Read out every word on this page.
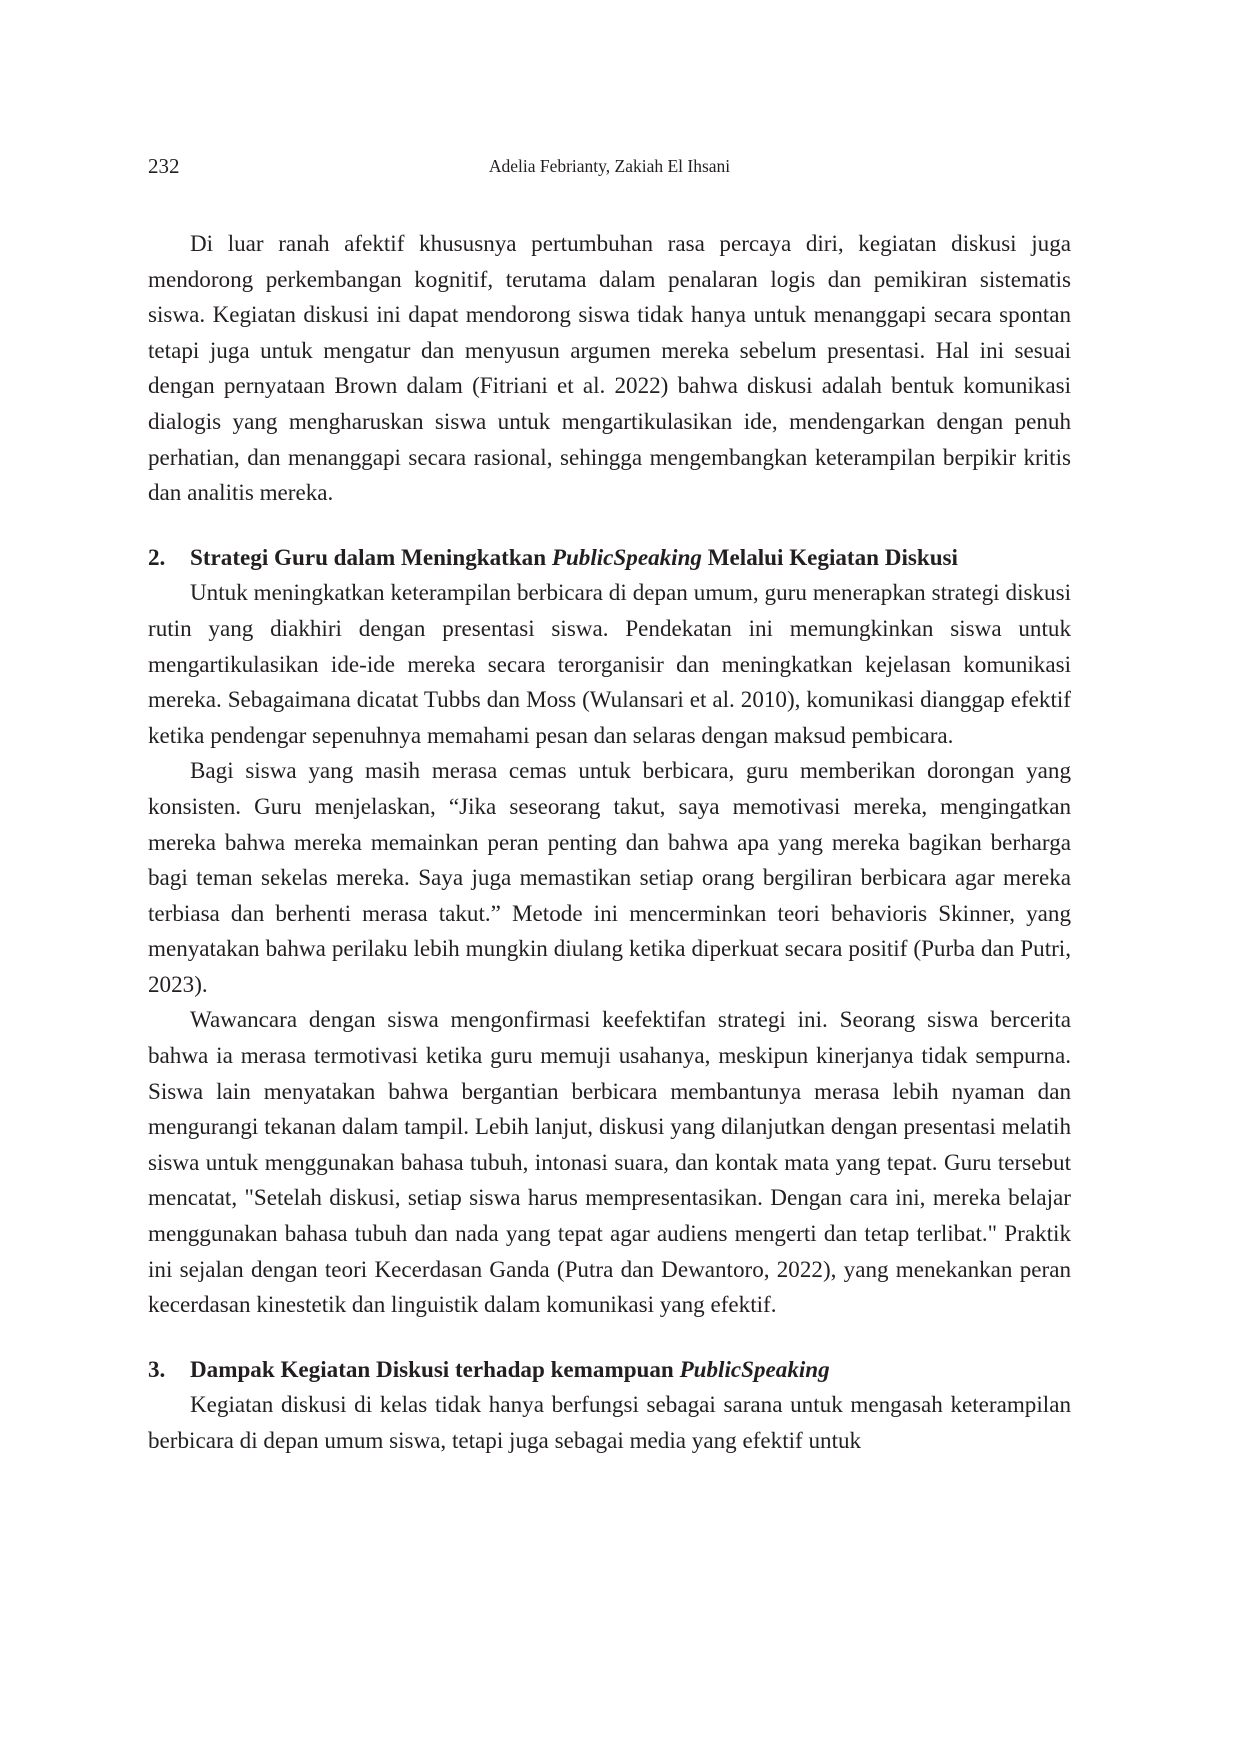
232	Adelia Febrianty, Zakiah El Ihsani

Di luar ranah afektif khususnya pertumbuhan rasa percaya diri, kegiatan diskusi juga mendorong perkembangan kognitif, terutama dalam penalaran logis dan pemikiran sistematis siswa. Kegiatan diskusi ini dapat mendorong siswa tidak hanya untuk menanggapi secara spontan tetapi juga untuk mengatur dan menyusun argumen mereka sebelum presentasi. Hal ini sesuai dengan pernyataan Brown dalam (Fitriani et al. 2022) bahwa diskusi adalah bentuk komunikasi dialogis yang mengharuskan siswa untuk mengartikulasikan ide, mendengarkan dengan penuh perhatian, dan menanggapi secara rasional, sehingga mengembangkan keterampilan berpikir kritis dan analitis mereka.

2.	Strategi Guru dalam Meningkatkan PublicSpeaking Melalui Kegiatan Diskusi

Untuk meningkatkan keterampilan berbicara di depan umum, guru menerapkan strategi diskusi rutin yang diakhiri dengan presentasi siswa. Pendekatan ini memungkinkan siswa untuk mengartikulasikan ide-ide mereka secara terorganisir dan meningkatkan kejelasan komunikasi mereka. Sebagaimana dicatat Tubbs dan Moss (Wulansari et al. 2010), komunikasi dianggap efektif ketika pendengar sepenuhnya memahami pesan dan selaras dengan maksud pembicara.

Bagi siswa yang masih merasa cemas untuk berbicara, guru memberikan dorongan yang konsisten. Guru menjelaskan, “Jika seseorang takut, saya memotivasi mereka, mengingatkan mereka bahwa mereka memainkan peran penting dan bahwa apa yang mereka bagikan berharga bagi teman sekelas mereka. Saya juga memastikan setiap orang bergiliran berbicara agar mereka terbiasa dan berhenti merasa takut.” Metode ini mencerminkan teori behavioris Skinner, yang menyatakan bahwa perilaku lebih mungkin diulang ketika diperkuat secara positif (Purba dan Putri, 2023).

Wawancara dengan siswa mengonfirmasi keefektifan strategi ini. Seorang siswa bercerita bahwa ia merasa termotivasi ketika guru memuji usahanya, meskipun kinerjanya tidak sempurna. Siswa lain menyatakan bahwa bergantian berbicara membantunya merasa lebih nyaman dan mengurangi tekanan dalam tampil. Lebih lanjut, diskusi yang dilanjutkan dengan presentasi melatih siswa untuk menggunakan bahasa tubuh, intonasi suara, dan kontak mata yang tepat. Guru tersebut mencatat, "Setelah diskusi, setiap siswa harus mempresentasikan. Dengan cara ini, mereka belajar menggunakan bahasa tubuh dan nada yang tepat agar audiens mengerti dan tetap terlibat." Praktik ini sejalan dengan teori Kecerdasan Ganda (Putra dan Dewantoro, 2022), yang menekankan peran kecerdasan kinestetik dan linguistik dalam komunikasi yang efektif.

3.	Dampak Kegiatan Diskusi terhadap kemampuan PublicSpeaking

Kegiatan diskusi di kelas tidak hanya berfungsi sebagai sarana untuk mengasah keterampilan berbicara di depan umum siswa, tetapi juga sebagai media yang efektif untuk
